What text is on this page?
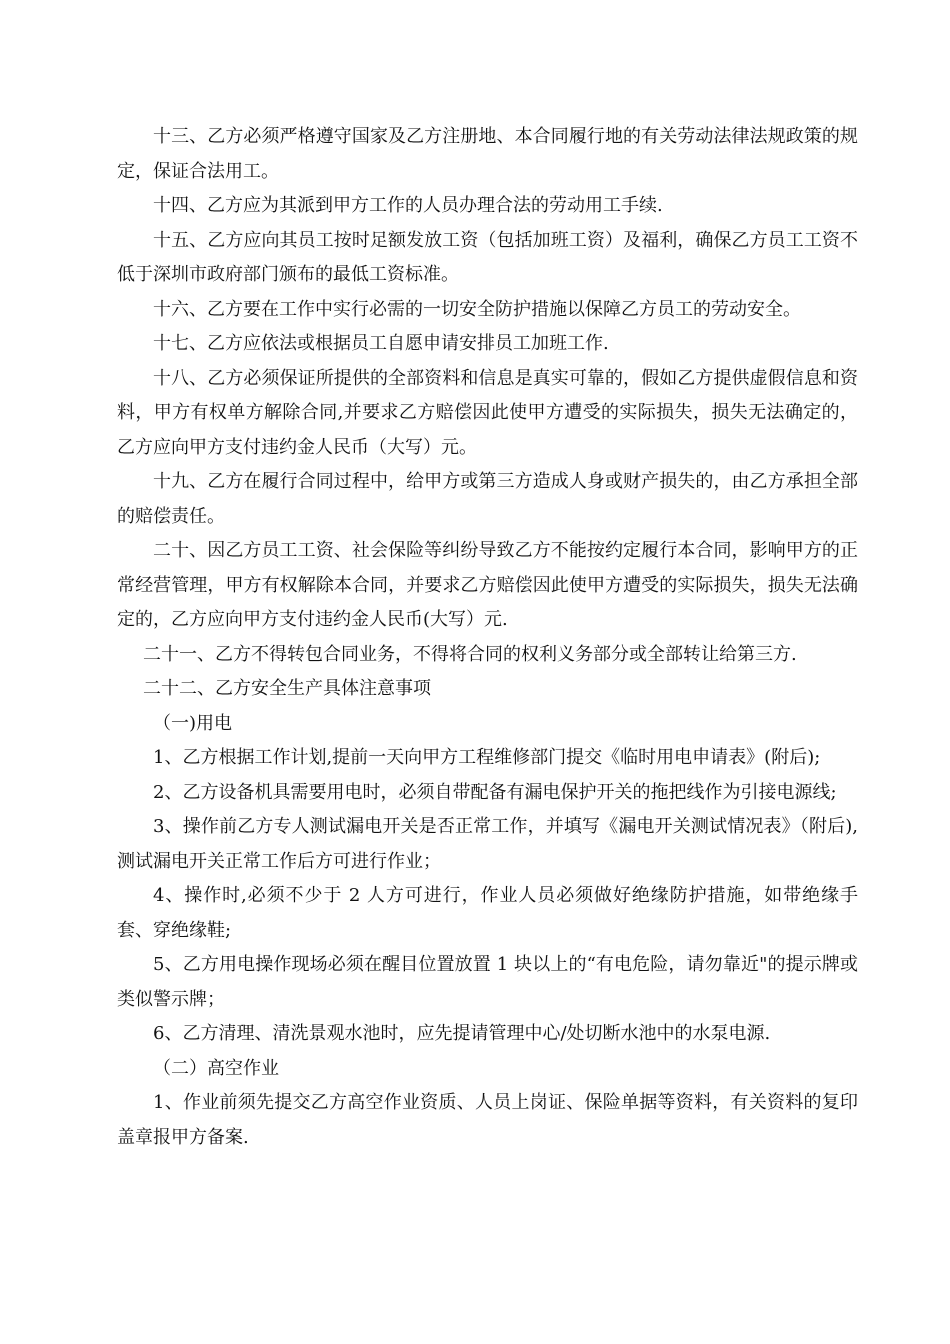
十三、乙方必须严格遵守国家及乙方注册地、本合同履行地的有关劳动法律法规政策的规定，保证合法用工。

十四、乙方应为其派到甲方工作的人员办理合法的劳动用工手续.

十五、乙方应向其员工按时足额发放工资（包括加班工资）及福利，确保乙方员工工资不低于深圳市政府部门颁布的最低工资标准。

十六、乙方要在工作中实行必需的一切安全防护措施以保障乙方员工的劳动安全。

十七、乙方应依法或根据员工自愿申请安排员工加班工作.

十八、乙方必须保证所提供的全部资料和信息是真实可靠的，假如乙方提供虚假信息和资料，甲方有权单方解除合同,并要求乙方赔偿因此使甲方遭受的实际损失，损失无法确定的，乙方应向甲方支付违约金人民币（大写）元。

十九、乙方在履行合同过程中，给甲方或第三方造成人身或财产损失的，由乙方承担全部的赔偿责任。

二十、因乙方员工工资、社会保险等纠纷导致乙方不能按约定履行本合同，影响甲方的正常经营管理，甲方有权解除本合同，并要求乙方赔偿因此使甲方遭受的实际损失，损失无法确定的，乙方应向甲方支付违约金人民币(大写）元.

二十一、乙方不得转包合同业务，不得将合同的权利义务部分或全部转让给第三方.

二十二、乙方安全生产具体注意事项

（一)用电

1、乙方根据工作计划,提前一天向甲方工程维修部门提交《临时用电申请表》(附后);

2、乙方设备机具需要用电时，必须自带配备有漏电保护开关的拖把线作为引接电源线;

3、操作前乙方专人测试漏电开关是否正常工作，并填写《漏电开关测试情况表》（附后),测试漏电开关正常工作后方可进行作业；

4、操作时,必须不少于 2 人方可进行，作业人员必须做好绝缘防护措施，如带绝缘手套、穿绝缘鞋;

5、乙方用电操作现场必须在醒目位置放置 1 块以上的“有电危险，请勿靠近"的提示牌或类似警示牌；

6、乙方清理、清洗景观水池时，应先提请管理中心/处切断水池中的水泵电源.

（二）高空作业

1、作业前须先提交乙方高空作业资质、人员上岗证、保险单据等资料，有关资料的复印盖章报甲方备案.
